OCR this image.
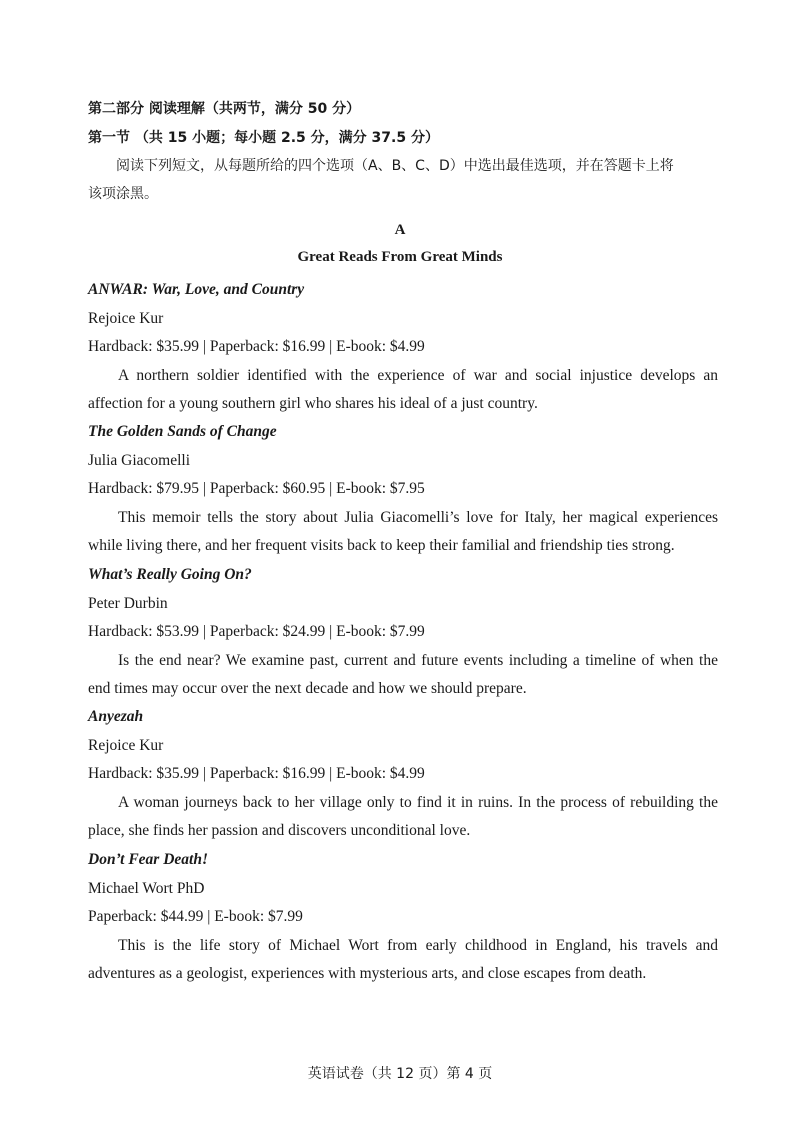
第二部分 阅读理解（共两节，满分 50 分）
第一节 （共 15 小题；每小题 2.5 分，满分 37.5 分）
阅读下列短文，从每题所给的四个选项（A、B、C、D）中选出最佳选项，并在答题卡上将
该项涂黑。
A
Great Reads From Great Minds
ANWAR: War, Love, and Country
Rejoice Kur
Hardback: $35.99 | Paperback: $16.99 | E-book: $4.99
A northern soldier identified with the experience of war and social injustice develops an affection for a young southern girl who shares his ideal of a just country.
The Golden Sands of Change
Julia Giacomelli
Hardback: $79.95 | Paperback: $60.95 | E-book: $7.95
This memoir tells the story about Julia Giacomelli’s love for Italy, her magical experiences while living there, and her frequent visits back to keep their familial and friendship ties strong.
What’s Really Going On?
Peter Durbin
Hardback: $53.99 | Paperback: $24.99 | E-book: $7.99
Is the end near? We examine past, current and future events including a timeline of when the end times may occur over the next decade and how we should prepare.
Anyezah
Rejoice Kur
Hardback: $35.99 | Paperback: $16.99 | E-book: $4.99
A woman journeys back to her village only to find it in ruins. In the process of rebuilding the place, she finds her passion and discovers unconditional love.
Don’t Fear Death!
Michael Wort PhD
Paperback: $44.99 | E-book: $7.99
This is the life story of Michael Wort from early childhood in England, his travels and adventures as a geologist, experiences with mysterious arts, and close escapes from death.
英语试卷（共 12 页）第 4 页
